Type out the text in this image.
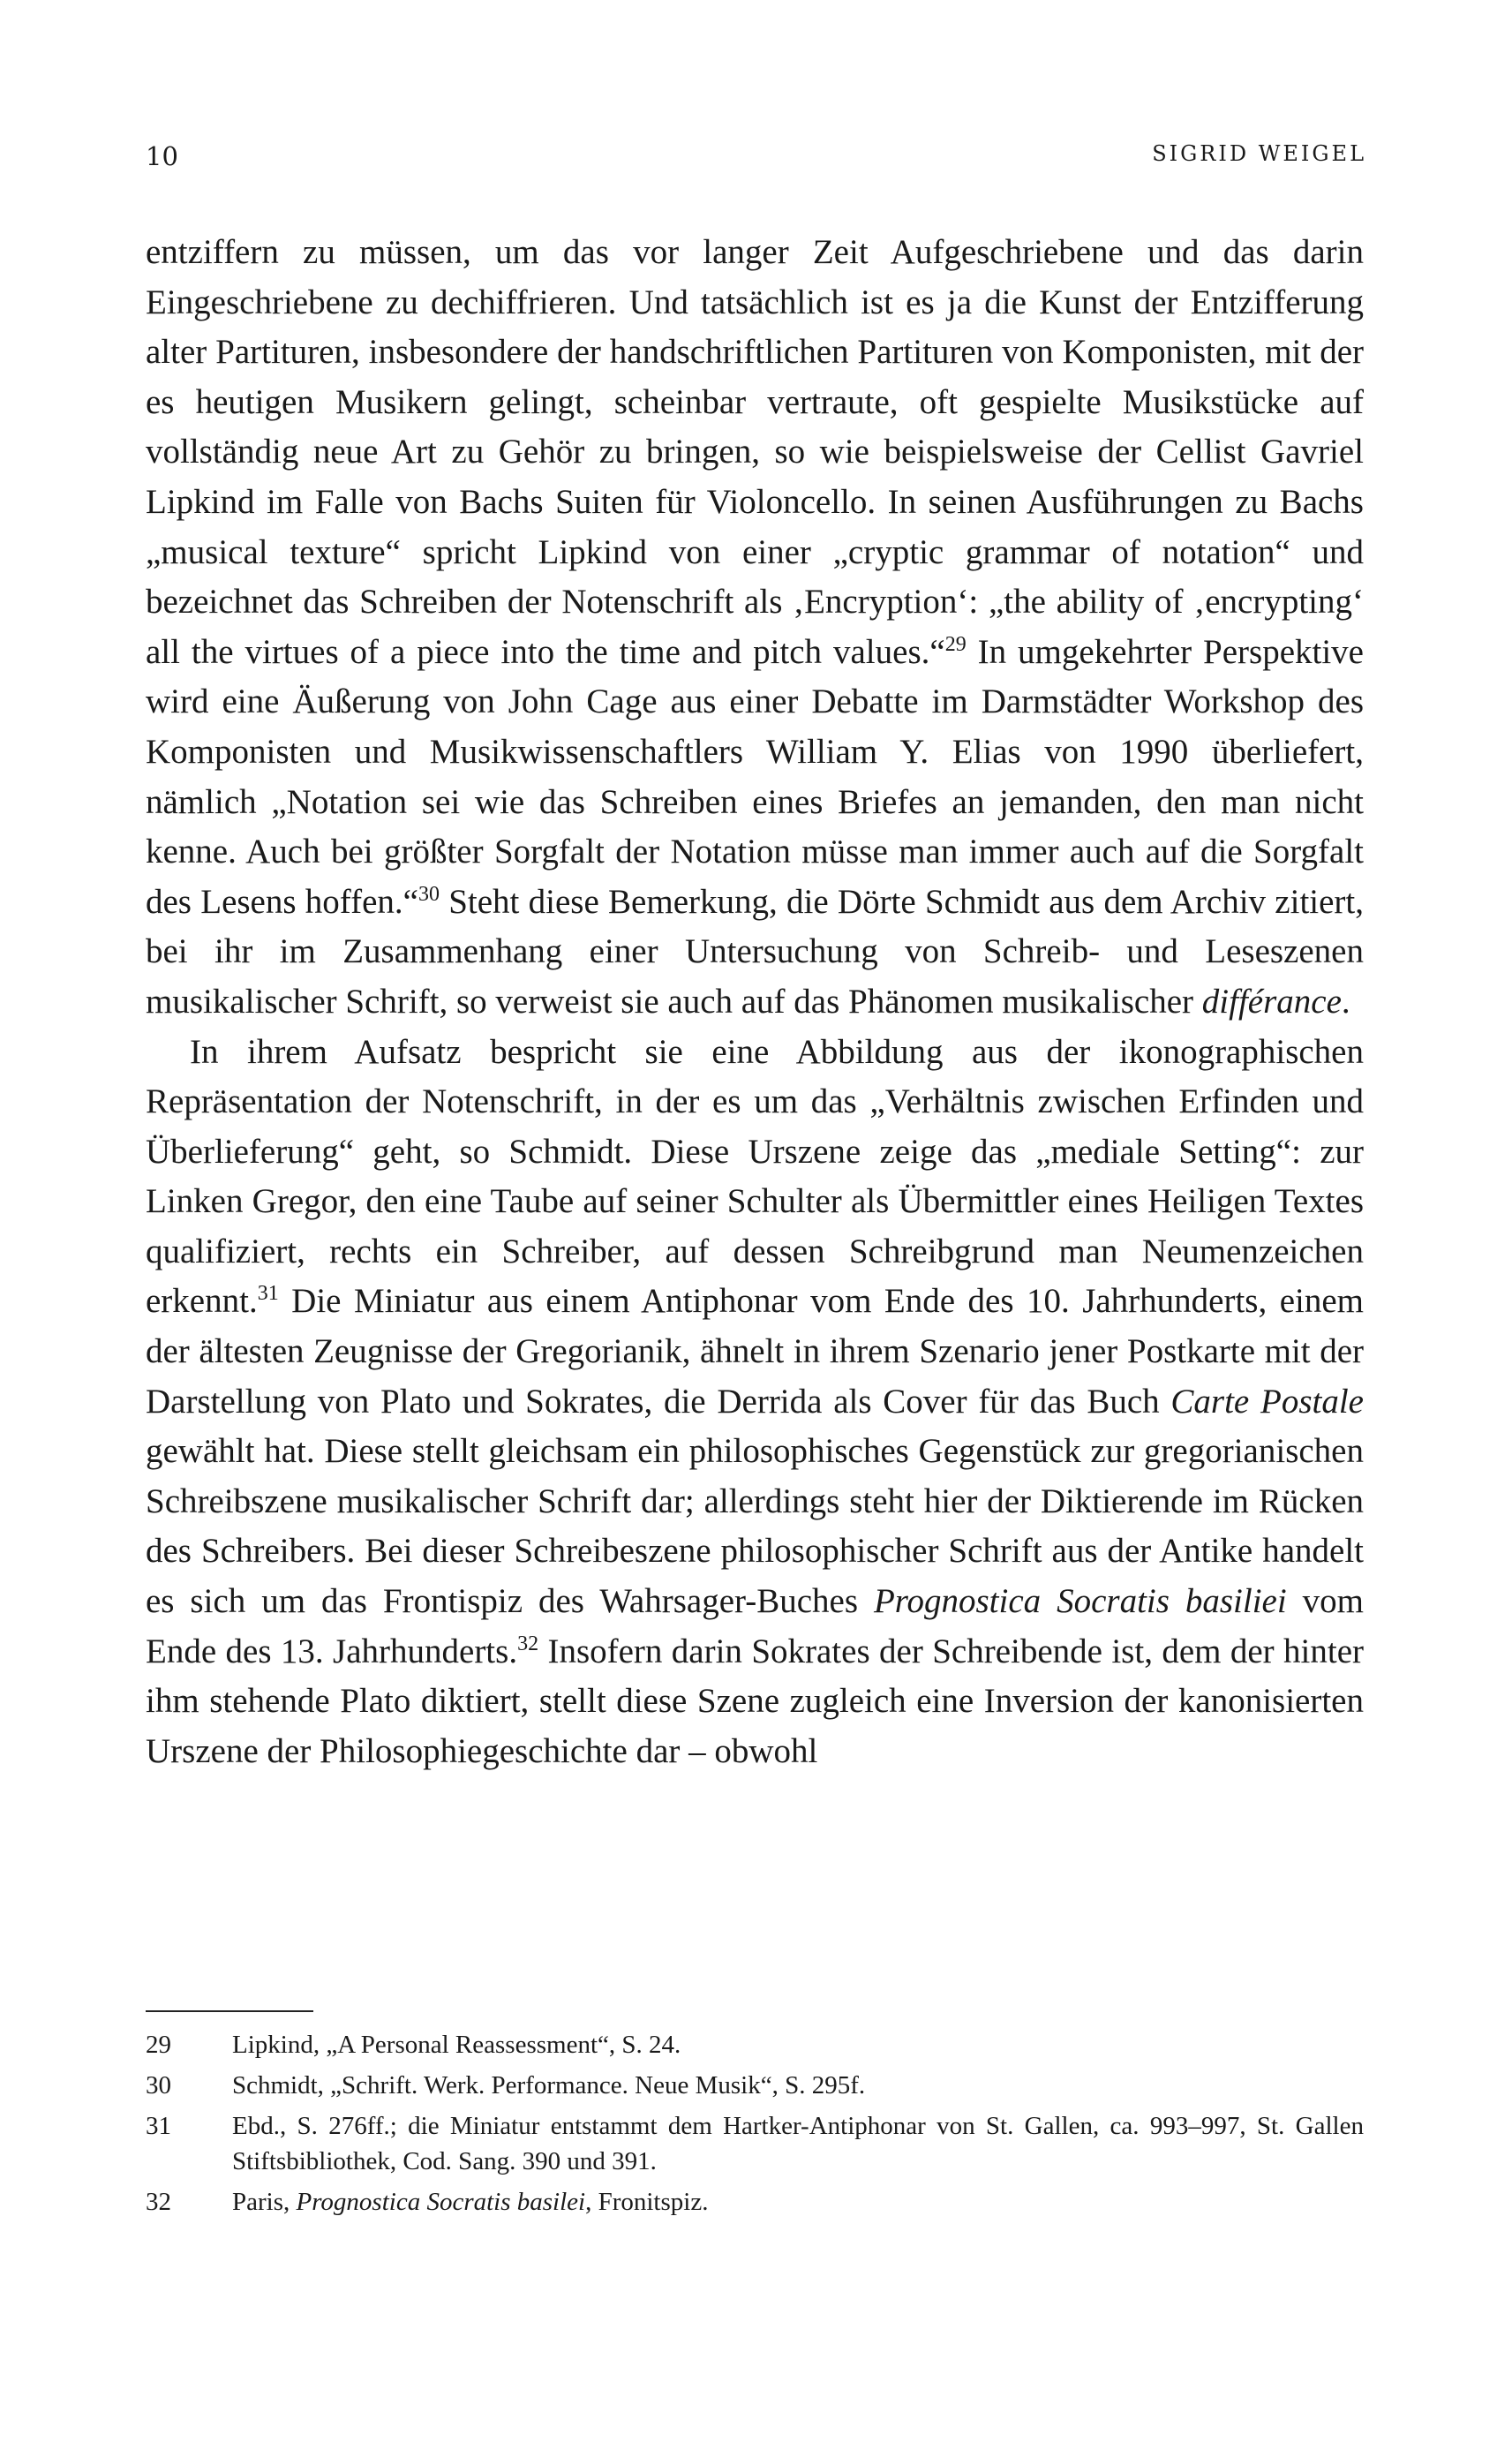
10	SIGRID WEIGEL

entziffern zu müssen, um das vor langer Zeit Aufgeschriebene und das darin Eingeschriebene zu dechiffrieren. Und tatsächlich ist es ja die Kunst der Entzifferung alter Partituren, insbesondere der handschriftlichen Partituren von Komponisten, mit der es heutigen Musikern gelingt, scheinbar vertraute, oft gespielte Musikstücke auf vollständig neue Art zu Gehör zu bringen, so wie beispielsweise der Cellist Gavriel Lipkind im Falle von Bachs Suiten für Violoncello. In seinen Ausführungen zu Bachs „musical texture“ spricht Lipkind von einer „cryptic grammar of notation“ und bezeichnet das Schreiben der Notenschrift als ‚Encryption‘: „the ability of ‚encrypting‘ all the virtues of a piece into the time and pitch values.“$^{29}$ In umgekehrter Perspektive wird eine Äußerung von John Cage aus einer Debatte im Darmstädter Workshop des Komponisten und Musikwissenschaftlers William Y. Elias von 1990 überliefert, nämlich „Notation sei wie das Schreiben eines Briefes an jemanden, den man nicht kenne. Auch bei größter Sorgfalt der Notation müsse man immer auch auf die Sorgfalt des Lesens hoffen.“$^{30}$ Steht diese Bemerkung, die Dörte Schmidt aus dem Archiv zitiert, bei ihr im Zusammenhang einer Untersuchung von Schreib- und Leseszenen musikalischer Schrift, so verweist sie auch auf das Phänomen musikalischer différance.

In ihrem Aufsatz bespricht sie eine Abbildung aus der ikonographischen Repräsentation der Notenschrift, in der es um das „Verhältnis zwischen Erfinden und Überlieferung“ geht, so Schmidt. Diese Urszene zeige das „mediale Setting“: zur Linken Gregor, den eine Taube auf seiner Schulter als Übermittler eines Heiligen Textes qualifiziert, rechts ein Schreiber, auf dessen Schreibgrund man Neumenzeichen erkennt.$^{31}$ Die Miniatur aus einem Antiphonar vom Ende des 10. Jahrhunderts, einem der ältesten Zeugnisse der Gregorianik, ähnelt in ihrem Szenario jener Postkarte mit der Darstellung von Plato und Sokrates, die Derrida als Cover für das Buch Carte Postale gewählt hat. Diese stellt gleichsam ein philosophisches Gegenstück zur gregorianischen Schreibszene musikalischer Schrift dar; allerdings steht hier der Diktierende im Rücken des Schreibers. Bei dieser Schreibeszene philosophischer Schrift aus der Antike handelt es sich um das Frontispiz des Wahrsager-Buches Prognostica Socratis basiliei vom Ende des 13. Jahrhunderts.$^{32}$ Insofern darin Sokrates der Schreibende ist, dem der hinter ihm stehende Plato diktiert, stellt diese Szene zugleich eine Inversion der kanonisierten Urszene der Philosophiegeschichte dar – obwohl

29	Lipkind, „A Personal Reassessment“, S. 24.
30	Schmidt, „Schrift. Werk. Performance. Neue Musik“, S. 295f.
31	Ebd., S. 276ff.; die Miniatur entstammt dem Hartker-Antiphonar von St. Gallen, ca. 993–997, St. Gallen Stiftsbibliothek, Cod. Sang. 390 und 391.
32	Paris, Prognostica Socratis basilei, Fronitspiz.
